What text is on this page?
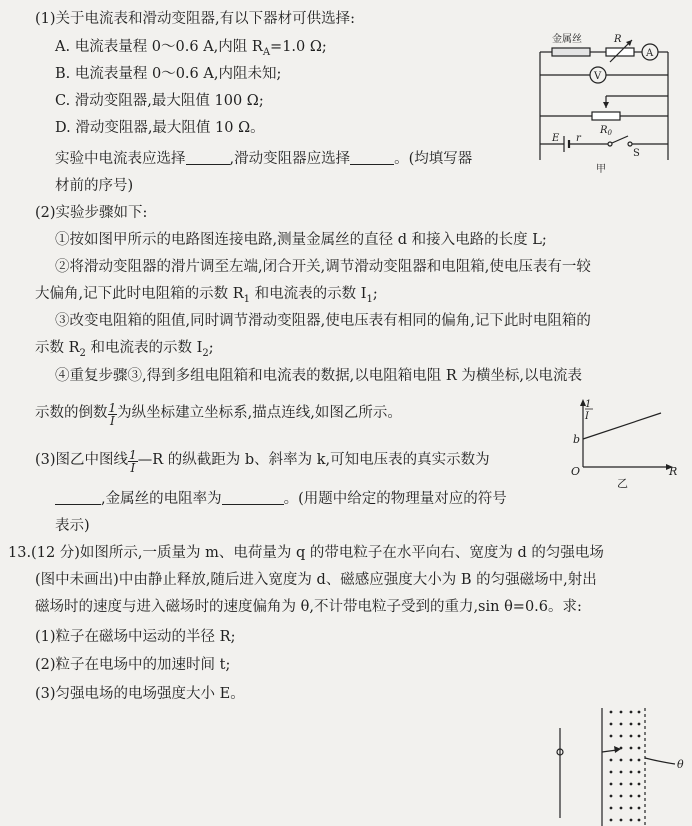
(1)关于电流表和滑动变阻器,有以下器材可供选择:
A. 电流表量程 0～0.6 A,内阻 $R_A=1.0$ Ω;
B. 电流表量程 0～0.6 A,内阻未知;
C. 滑动变阻器,最大阻值 100 Ω;
D. 滑动变阻器,最大阻值 10 Ω。
实验中电流表应选择	,滑动变阻器应选择	。(均填写器
材前的序号)
金属丝	R
A
V
$R_0$
E r
S
甲
(2)实验步骤如下:
①按如图甲所示的电路图连接电路,测量金属丝的直径 d 和接入电路的长度 L;
②将滑动变阻器的滑片调至左端,闭合开关,调节滑动变阻器和电阻箱,使电压表有一较
大偏角,记下此时电阻箱的示数 $R_1$ 和电流表的示数 $I_1$;
③改变电阻箱的阻值,同时调节滑动变阻器,使电压表有相同的偏角,记下此时电阻箱的
示数 $R_2$ 和电流表的示数 $I_2$;
④重复步骤③,得到多组电阻箱和电流表的数据,以电阻箱电阻 R 为横坐标,以电流表
示数的倒数 $\frac{1}{I}$ 为纵坐标建立坐标系,描点连线,如图乙所示。
1
I
b
O	R
乙
(3)图乙中图线 $\frac{1}{I}$ —R 的纵截距为 b、斜率为 k,可知电压表的真实示数为
,金属丝的电阻率为	。(用题中给定的物理量对应的符号
表示)
13.(12 分)如图所示,一质量为 m、电荷量为 q 的带电粒子在水平向右、宽度为 d 的匀强电场
(图中未画出)中由静止释放,随后进入宽度为 d、磁感应强度大小为 B 的匀强磁场中,射出
磁场时的速度与进入磁场时的速度偏角为 θ,不计带电粒子受到的重力,sin θ=0.6。求:
(1)粒子在磁场中运动的半径 R;
(2)粒子在电场中的加速时间 t;
(3)匀强电场的电场强度大小 E。
θ
